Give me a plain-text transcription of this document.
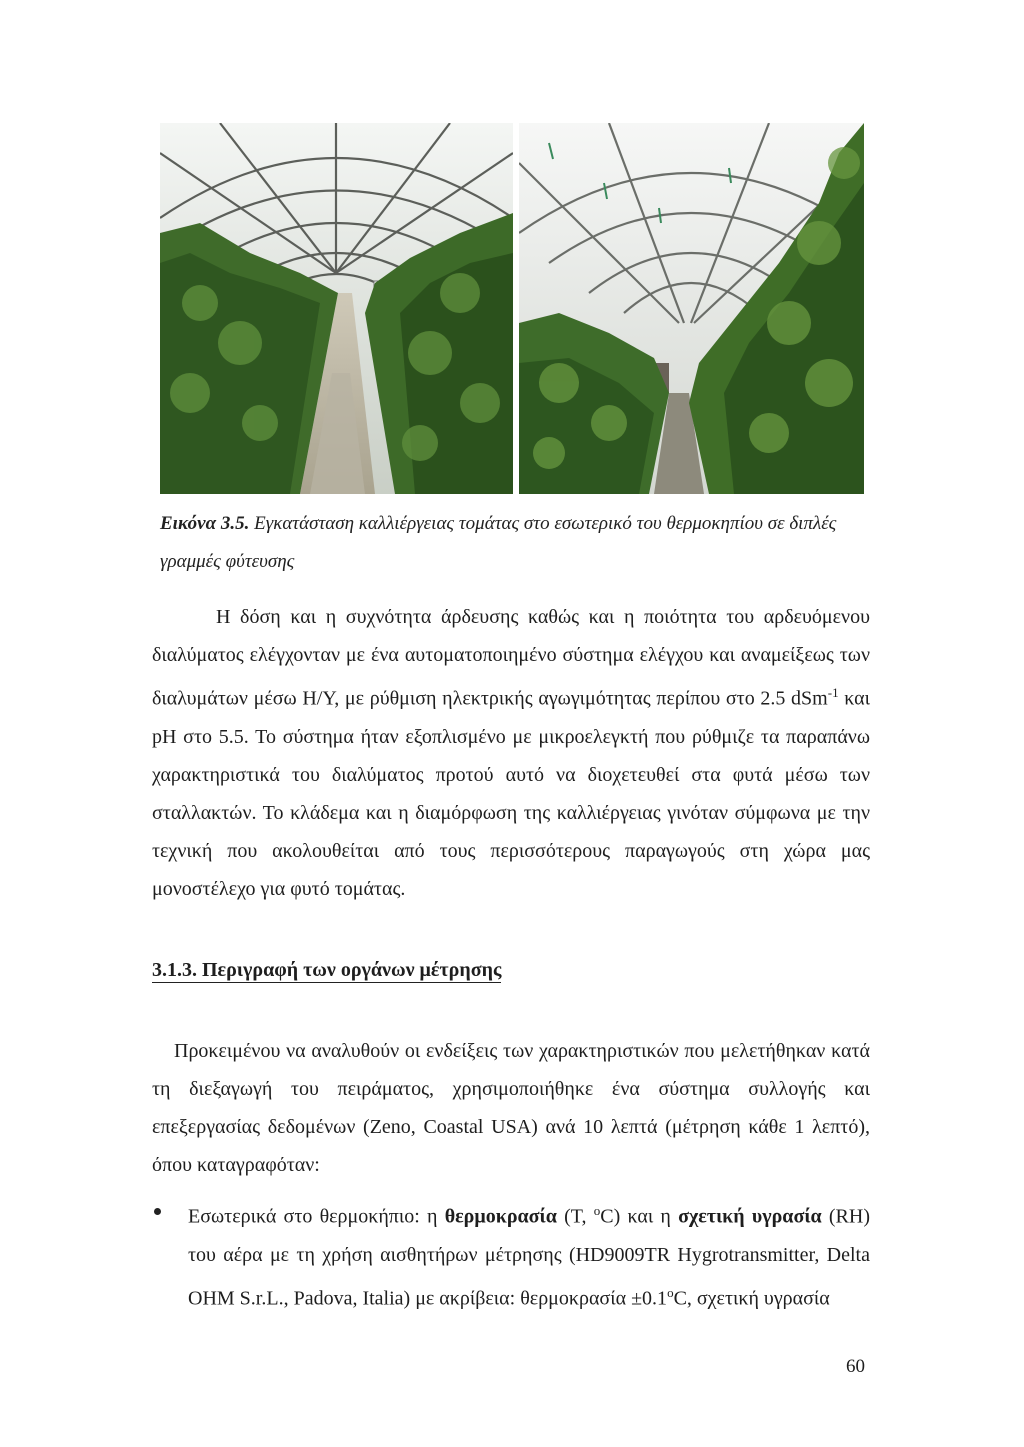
Εικόνα 3.5. Εγκατάσταση καλλιέργειας τομάτας στο εσωτερικό του θερμοκηπίου σε διπλές γραμμές φύτευσης

Η δόση και η συχνότητα άρδευσης καθώς και η ποιότητα του αρδευόμενου διαλύματος ελέγχονταν με ένα αυτοματοποιημένο σύστημα ελέγχου και αναμείξεως των διαλυμάτων μέσω Η/Υ, με ρύθμιση ηλεκτρικής αγωγιμότητας περίπου στο 2.5 dSm$^{-1}$ και pH στο 5.5. Το σύστημα ήταν εξοπλισμένο με μικροελεγκτή που ρύθμιζε τα παραπάνω χαρακτηριστικά του διαλύματος προτού αυτό να διοχετευθεί στα φυτά μέσω των σταλλακτών. Το κλάδεμα και η διαμόρφωση της καλλιέργειας γινόταν σύμφωνα με την τεχνική που ακολουθείται από τους περισσότερους παραγωγούς στη χώρα μας μονοστέλεχο για φυτό τομάτας.

3.1.3. Περιγραφή των οργάνων μέτρησης

Προκειμένου να αναλυθούν οι ενδείξεις των χαρακτηριστικών που μελετήθηκαν κατά τη διεξαγωγή του πειράματος, χρησιμοποιήθηκε ένα σύστημα συλλογής και επεξεργασίας δεδομένων (Zeno, Coastal USA) ανά 10 λεπτά (μέτρηση κάθε 1 λεπτό), όπου καταγραφόταν:

Εσωτερικά στο θερμοκήπιο: η θερμοκρασία (T, $^o$C) και η σχετική υγρασία (RH) του αέρα με τη χρήση αισθητήρων μέτρησης (HD9009TR Hygrotransmitter, Delta OHM S.r.L., Padova, Italia) με ακρίβεια: $\theta\varepsilon\rho\mu o\kappa\rho\alpha\sigma ί\alpha \pm 0.1^oC$, σχετική υγρασία
60
